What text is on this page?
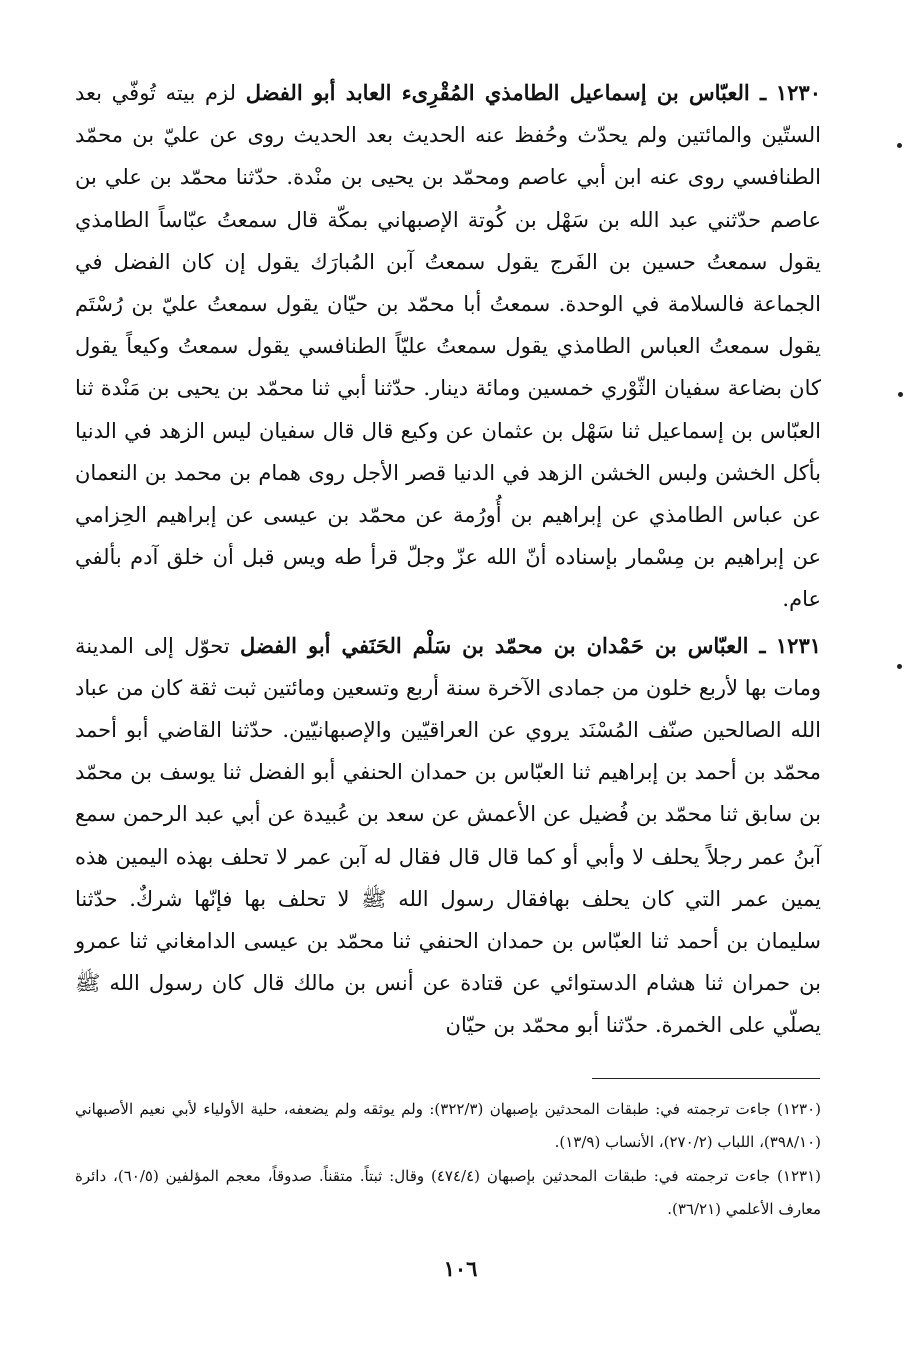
١٢٣٠ ـ العبّاس بن إسماعيل الطامذي المُقْرِىء العابد أبو الفضل لزم بيته تُوفّي بعد الستّين والمائتين ولم يحدّث وحُفظ عنه الحديث بعد الحديث روى عن عليّ بن محمّد الطنافسي روى عنه ابن أبي عاصم ومحمّد بن يحيى بن منْدة. حدّثنا محمّد بن علي بن عاصم حدّثني عبد الله بن سَهْل بن كُوتة الإصبهاني بمكّة قال سمعتُ عبّاساً الطامذي يقول سمعتُ حسين بن الفَرج يقول سمعتُ آبن المُبارَك يقول إن كان الفضل في الجماعة فالسلامة في الوحدة. سمعتُ أبا محمّد بن حيّان يقول سمعتُ عليّ بن رُسْتَم يقول سمعتُ العباس الطامذي يقول سمعتُ عليّاً الطنافسي يقول سمعتُ وكيعاً يقول كان بضاعة سفيان الثّوْري خمسين ومائة دينار. حدّثنا أبي ثنا محمّد بن يحيى بن مَنْدة ثنا العبّاس بن إسماعيل ثنا سَهْل بن عثمان عن وكيع قال قال سفيان ليس الزهد في الدنيا بأكل الخشن ولبس الخشن الزهد في الدنيا قصر الأجل روى همام بن محمد بن النعمان عن عباس الطامذي عن إبراهيم بن أُورُمة عن محمّد بن عيسى عن إبراهيم الحِزامي عن إبراهيم بن مِسْمار بإسناده أنّ الله عزّ وجلّ قرأ طه ويس قبل أن خلق آدم بألفي عام.

١٢٣١ ـ العبّاس بن حَمْدان بن محمّد بن سَلْم الحَنَفي أبو الفضل تحوّل إلى المدينة ومات بها لأربع خلون من جمادى الآخرة سنة أربع وتسعين ومائتين ثبت ثقة كان من عباد الله الصالحين صنّف المُسْنَد يروي عن العراقيّين والإصبهانيّين. حدّثنا القاضي أبو أحمد محمّد بن أحمد بن إبراهيم ثنا العبّاس بن حمدان الحنفي أبو الفضل ثنا يوسف بن محمّد بن سابق ثنا محمّد بن فُضيل عن الأعمش عن سعد بن عُبيدة عن أبي عبد الرحمن سمع آبنُ عمر رجلاً يحلف لا وأبي أو كما قال قال فقال له آبن عمر لا تحلف بهذه اليمين هذه يمين عمر التي كان يحلف بهافقال رسول الله ﷺ لا تحلف بها فإنّها شركٌ. حدّثنا سليمان بن أحمد ثنا العبّاس بن حمدان الحنفي ثنا محمّد بن عيسى الدامغاني ثنا عمرو بن حمران ثنا هشام الدستوائي عن قتادة عن أنس بن مالك قال كان رسول الله ﷺ يصلّي على الخمرة. حدّثنا أبو محمّد بن حيّان

(١٢٣٠) جاءت ترجمته في: طبقات المحدثين بإصبهان (٣٢٢/٣): ولم يوثقه ولم يضعفه، حلية الأولياء لأبي نعيم الأصبهاني (٣٩٨/١٠)، اللباب (٢٧٠/٢)، الأنساب (١٣/٩).

(١٢٣١) جاءت ترجمته في: طبقات المحدثين بإصبهان (٤٧٤/٤) وقال: ثبتاً. متقناً. صدوقاً، معجم المؤلفين (٦٠/٥)، دائرة معارف الأعلمي (٣٦/٢١).

١٠٦
